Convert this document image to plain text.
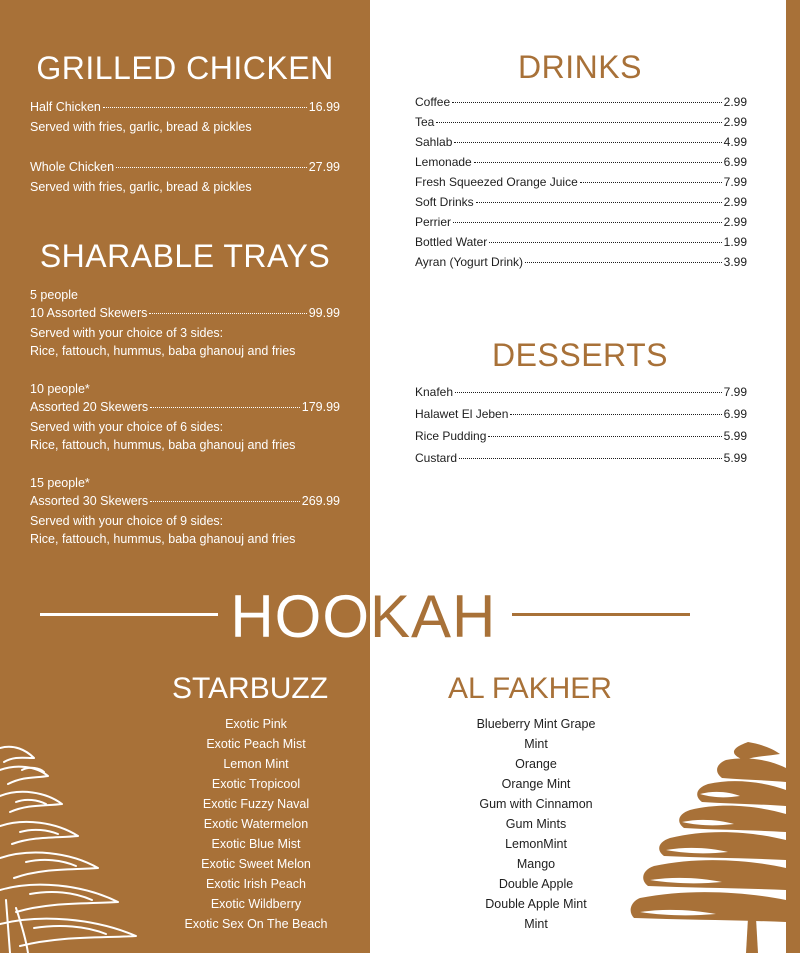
GRILLED CHICKEN
Half Chicken	16.99
Served with fries, garlic, bread & pickles
Whole Chicken	27.99
Served with fries, garlic, bread & pickles
SHARABLE TRAYS
5 people
10 Assorted Skewers	99.99
Served with your choice of 3 sides:
Rice, fattouch, hummus, baba ghanouj and fries
10 people*
Assorted 20 Skewers	179.99
Served with your choice of 6 sides:
Rice, fattouch, hummus, baba ghanouj and fries
15 people*
Assorted 30 Skewers	269.99
Served with your choice of 9 sides:
Rice, fattouch, hummus, baba ghanouj and fries
DRINKS
Coffee	2.99
Tea	2.99
Sahlab	4.99
Lemonade	6.99
Fresh Squeezed Orange Juice	7.99
Soft Drinks	2.99
Perrier	2.99
Bottled Water	1.99
Ayran (Yogurt Drink)	3.99
DESSERTS
Knafeh	7.99
Halawet El Jeben	6.99
Rice Pudding	5.99
Custard	5.99
HOO KAH
STARBUZZ	AL FAKHER
Exotic Pink
Exotic Peach Mist
Lemon Mint
Exotic Tropicool
Exotic Fuzzy Naval
Exotic Watermelon
Exotic Blue Mist
Exotic Sweet Melon
Exotic Irish Peach
Exotic Wildberry
Exotic Sex On The Beach
Blueberry Mint Grape
Mint
Orange
Orange Mint
Gum with Cinnamon
Gum Mints
LemonMint
Mango
Double Apple
Double Apple Mint
Mint
